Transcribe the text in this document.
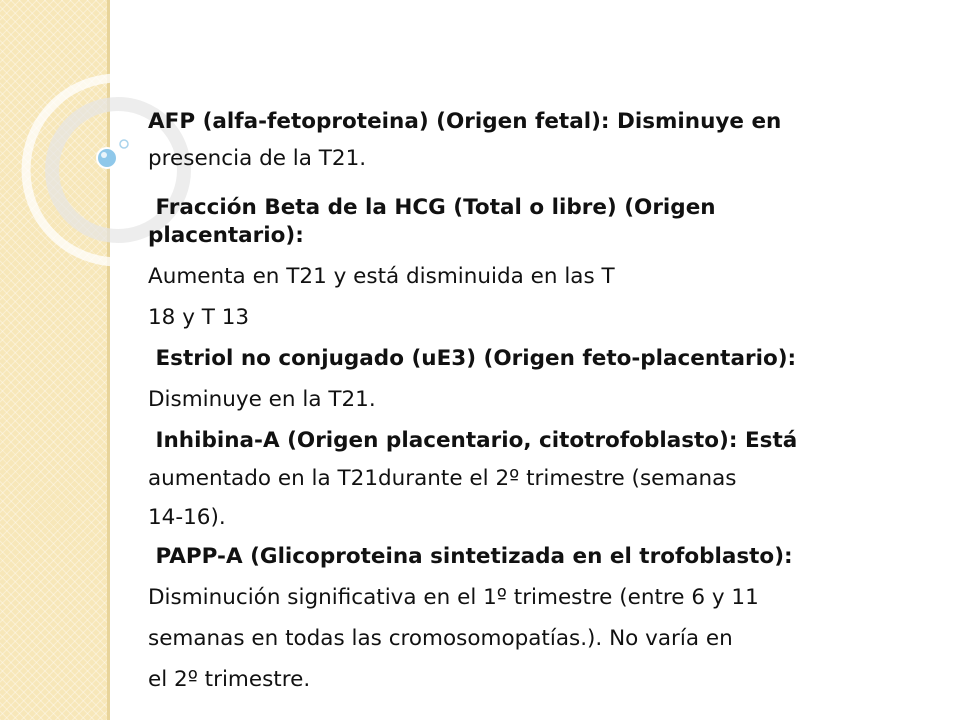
AFP (alfa-fetoproteina) (Origen fetal): Disminuye en
presencia de la T21.
Fracción Beta de la HCG (Total o libre) (Origen
placentario):
Aumenta en T21 y está disminuida en las T
18 y T 13
Estriol no conjugado (uE3) (Origen feto-placentario):
Disminuye en la T21.
Inhibina-A (Origen placentario, citotrofoblasto): Está
aumentado en la T21durante el 2º trimestre (semanas
14-16).
PAPP-A (Glicoproteina sintetizada en el trofoblasto):
Disminución significativa en el 1º trimestre (entre 6 y 11
semanas en todas las cromosomopatías.). No varía en
el 2º trimestre.
